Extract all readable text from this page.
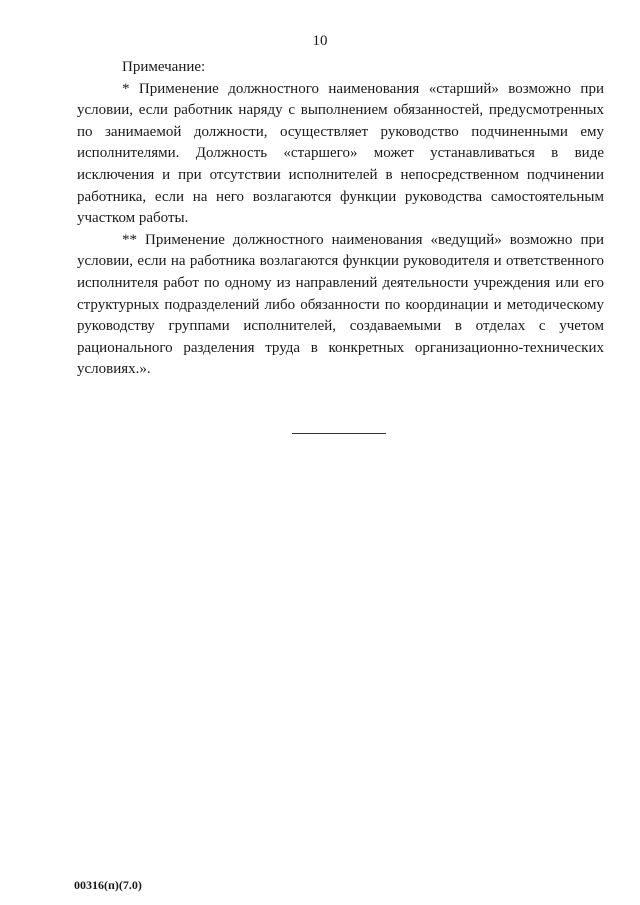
10

Примечание:

* Применение должностного наименования «старший» возможно при условии, если работник наряду с выполнением обязанностей, предусмотренных по занимаемой должности, осуществляет руководство подчиненными ему исполнителями. Должность «старшего» может устанавливаться в виде исключения и при отсутствии исполнителей в непосредственном подчинении работника, если на него возлагаются функции руководства самостоятельным участком работы.

** Применение должностного наименования «ведущий» возможно при условии, если на работника возлагаются функции руководителя и ответственного исполнителя работ по одному из направлений деятельности учреждения или его структурных подразделений либо обязанности по координации и методическому руководству группами исполнителей, создаваемыми в отделах с учетом рационального разделения труда в конкретных организационно-технических условиях.».

00316(п)(7.0)
